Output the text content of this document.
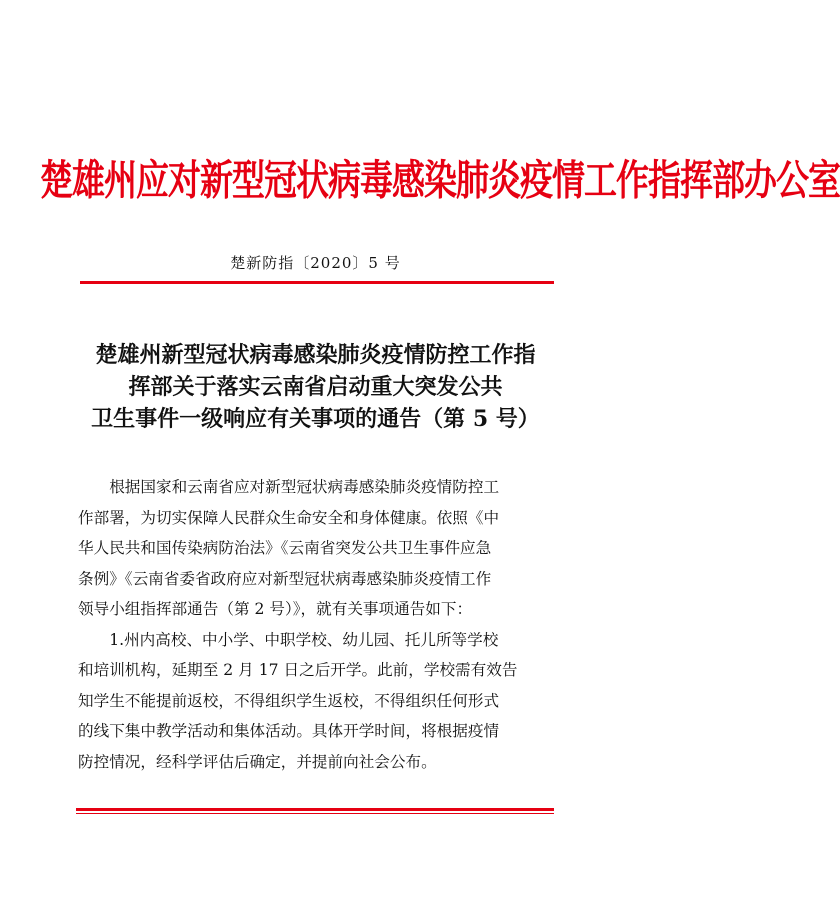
楚雄州应对新型冠状病毒感染肺炎疫情工作指挥部办公室
楚新防指〔2020〕5 号
楚雄州新型冠状病毒感染肺炎疫情防控工作指
挥部关于落实云南省启动重大突发公共
卫生事件一级响应有关事项的通告（第 5 号）
　　根据国家和云南省应对新型冠状病毒感染肺炎疫情防控工
作部署，为切实保障人民群众生命安全和身体健康。依照《中
华人民共和国传染病防治法》《云南省突发公共卫生事件应急
条例》《云南省委省政府应对新型冠状病毒感染肺炎疫情工作
领导小组指挥部通告（第 2 号）》，就有关事项通告如下：
　　1.州内高校、中小学、中职学校、幼儿园、托儿所等学校
和培训机构，延期至 2 月 17 日之后开学。此前，学校需有效告
知学生不能提前返校，不得组织学生返校，不得组织任何形式
的线下集中教学活动和集体活动。具体开学时间，将根据疫情
防控情况，经科学评估后确定，并提前向社会公布。
